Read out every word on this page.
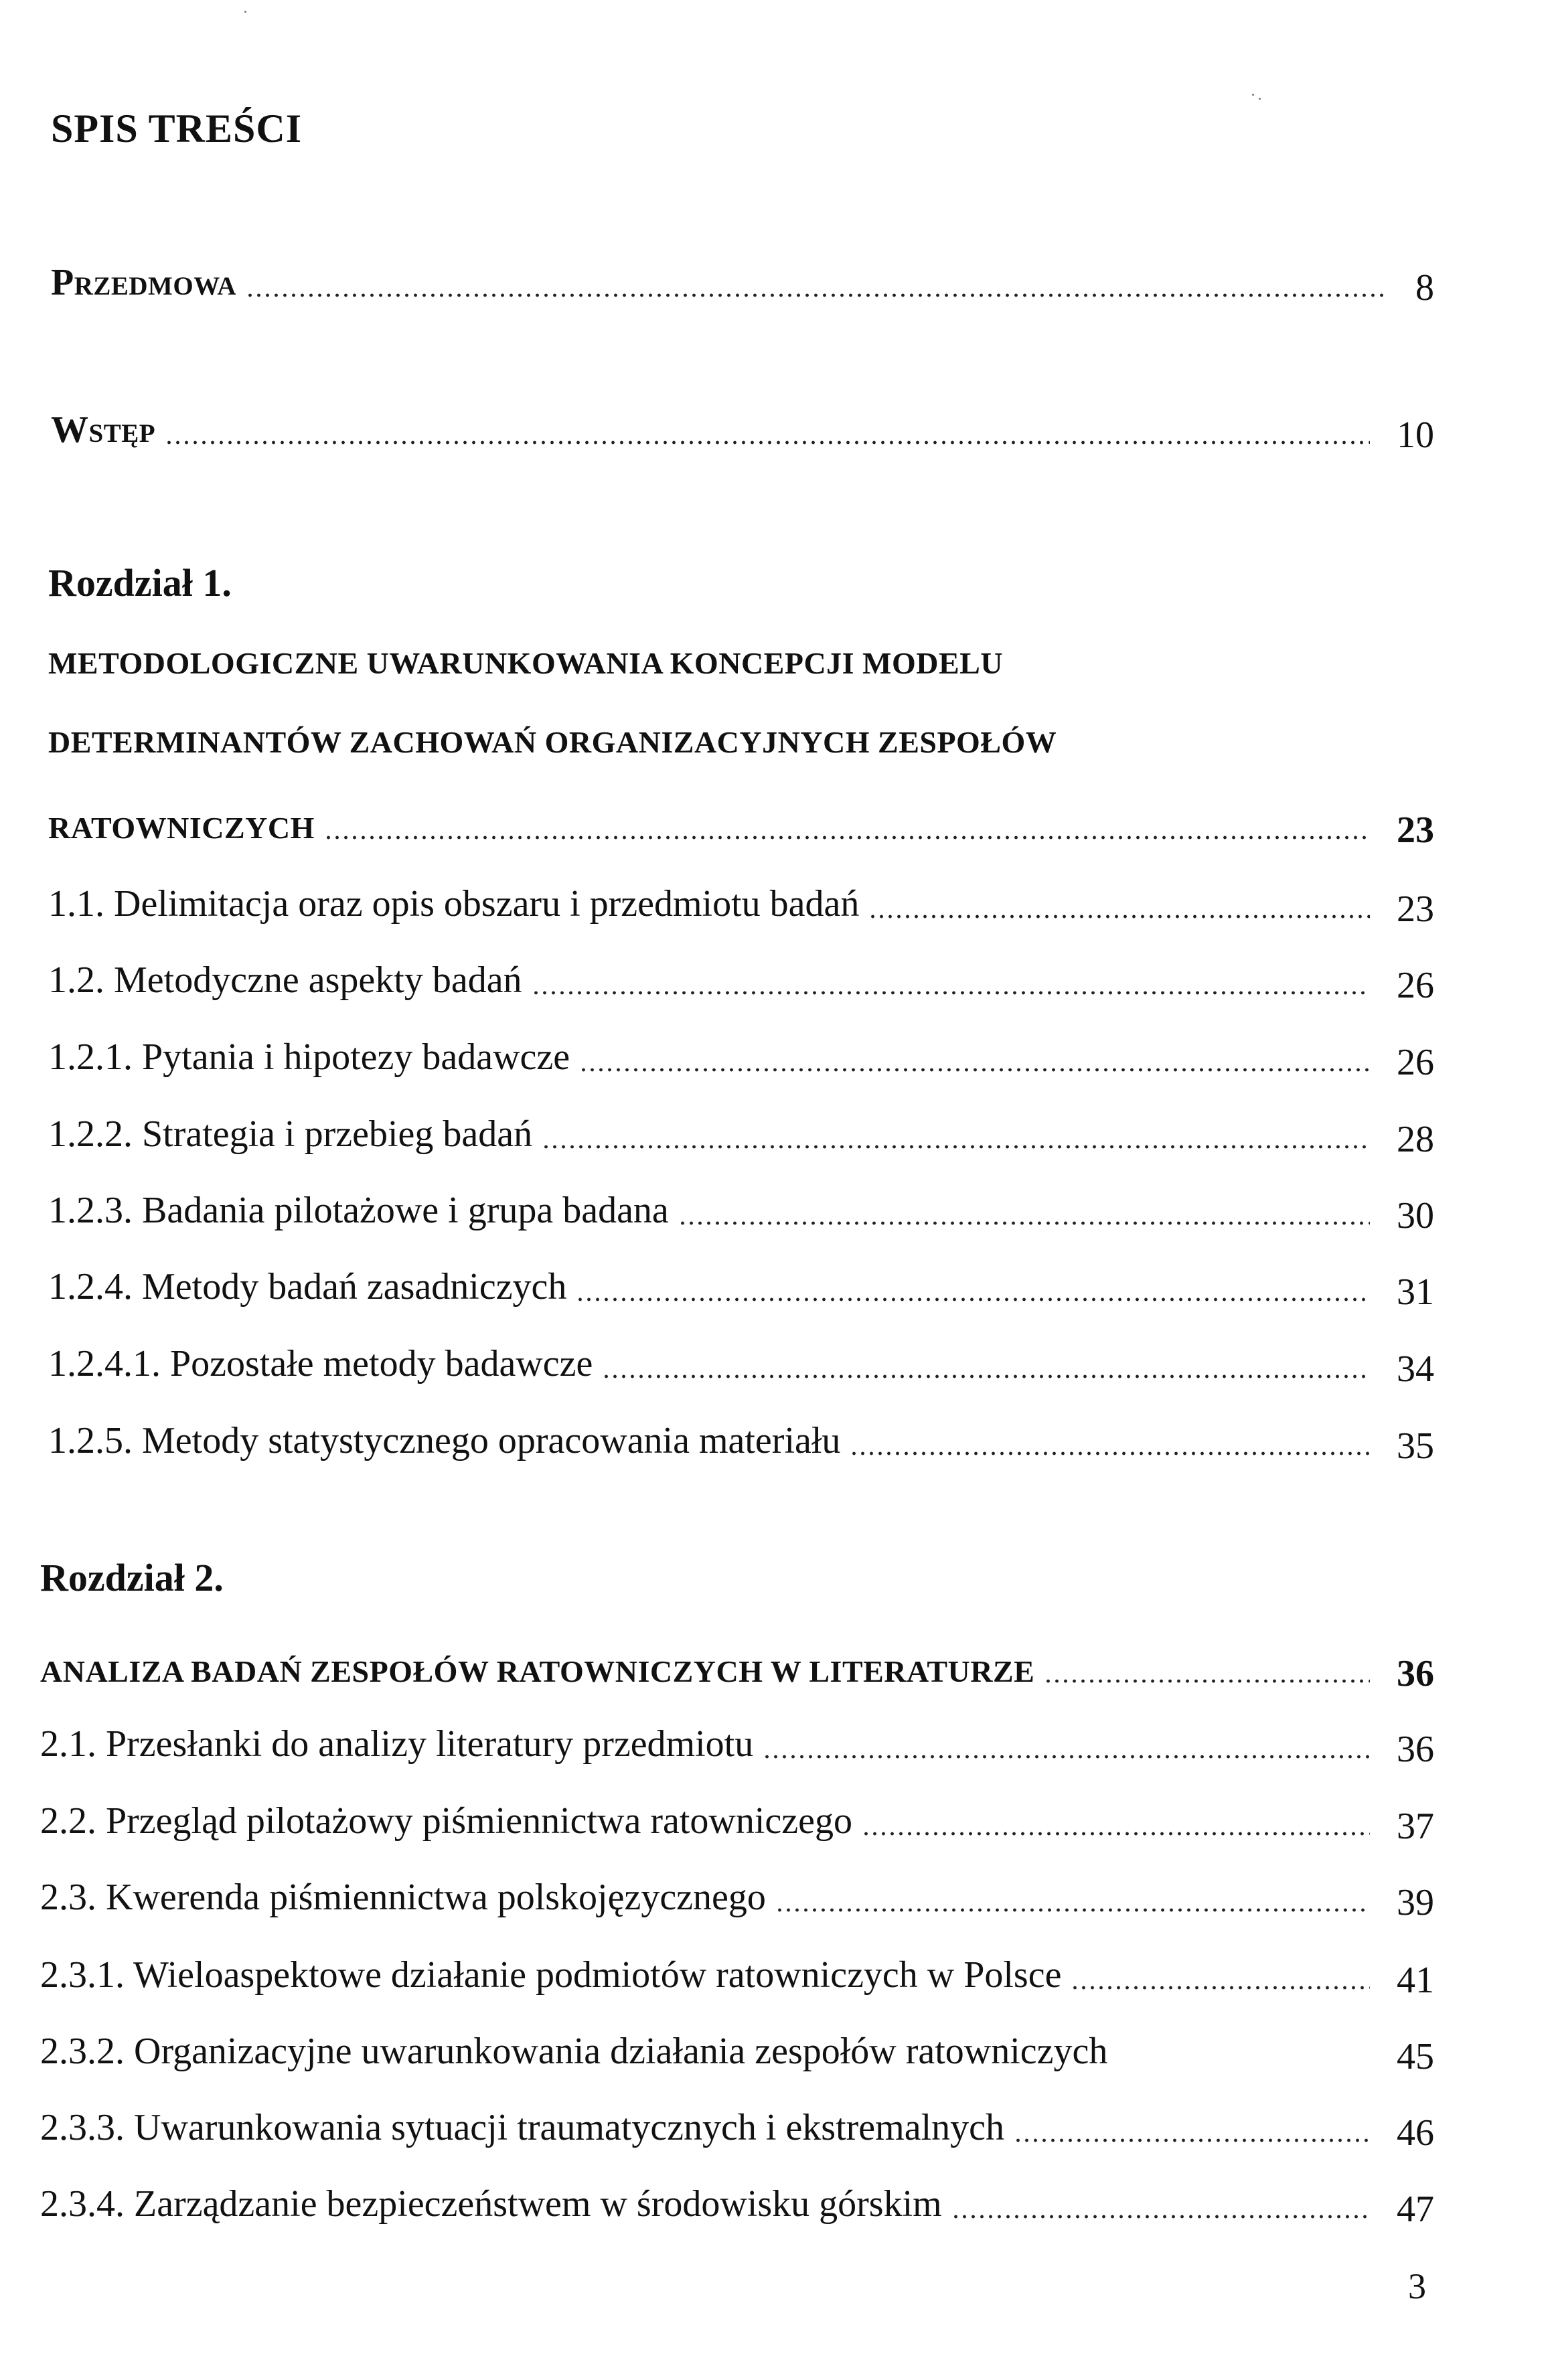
SPIS TREŚCI
Przedmowa	8
Wstęp	10
Rozdział 1.
METODOLOGICZNE UWARUNKOWANIA KONCEPCJI MODELU
DETERMINANTÓW ZACHOWAŃ ORGANIZACYJNYCH ZESPOŁÓW
RATOWNICZYCH	23
1.1. Delimitacja oraz opis obszaru i przedmiotu badań	23
1.2. Metodyczne aspekty badań	26
1.2.1. Pytania i hipotezy badawcze	26
1.2.2. Strategia i przebieg badań	28
1.2.3. Badania pilotażowe i grupa badana	30
1.2.4. Metody badań zasadniczych	31
1.2.4.1. Pozostałe metody badawcze	34
1.2.5. Metody statystycznego opracowania materiału	35
Rozdział 2.
ANALIZA BADAŃ ZESPOŁÓW RATOWNICZYCH W LITERATURZE	36
2.1. Przesłanki do analizy literatury przedmiotu	36
2.2. Przegląd pilotażowy piśmiennictwa ratowniczego	37
2.3. Kwerenda piśmiennictwa polskojęzycznego	39
2.3.1. Wieloaspektowe działanie podmiotów ratowniczych w Polsce	41
2.3.2. Organizacyjne uwarunkowania działania zespołów ratowniczych	45
2.3.3. Uwarunkowania sytuacji traumatycznych i ekstremalnych	46
2.3.4. Zarządzanie bezpieczeństwem w środowisku górskim	47
3
